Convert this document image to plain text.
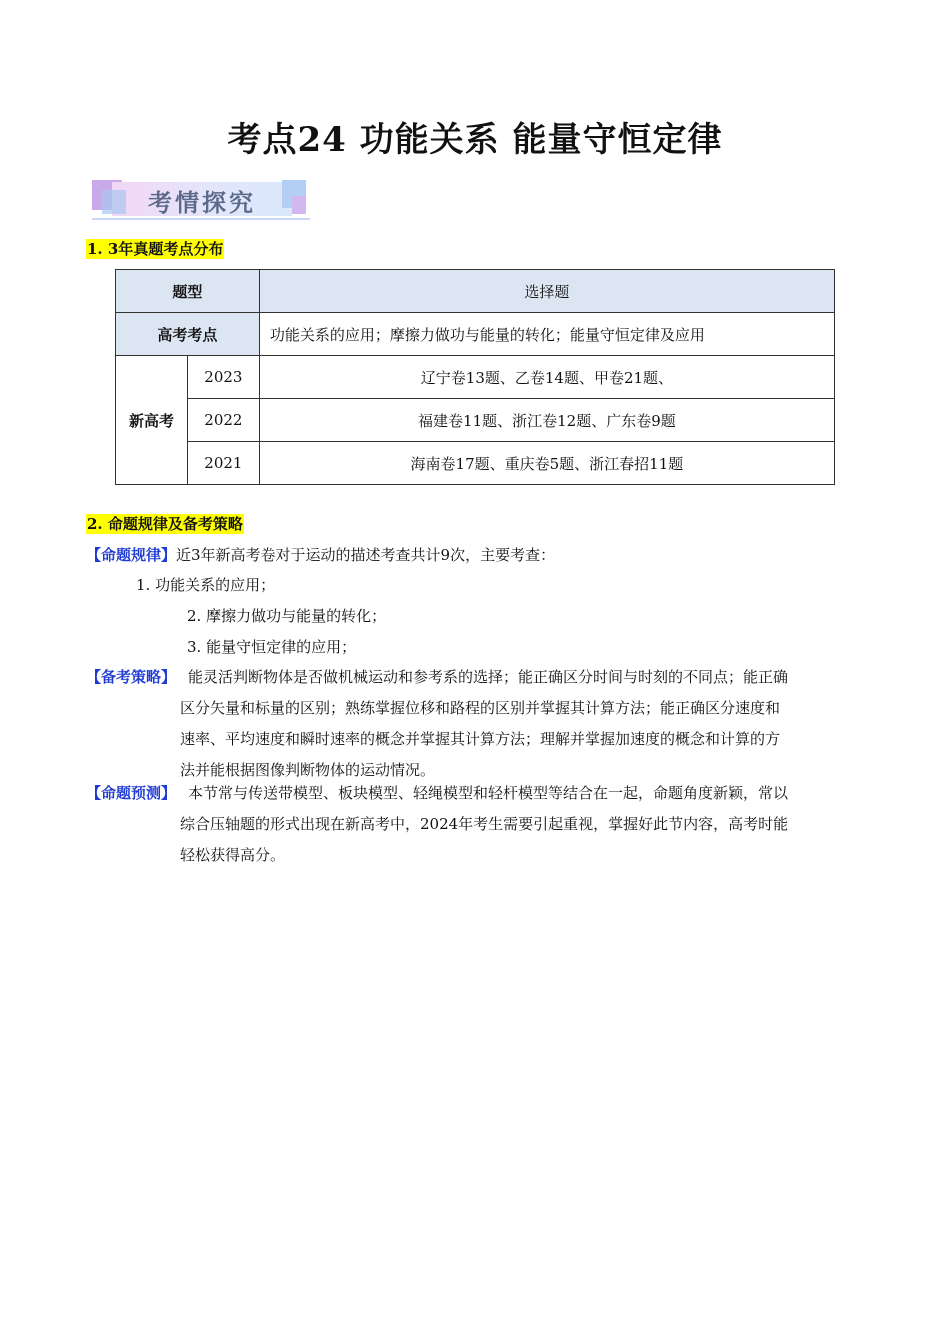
考点24 功能关系 能量守恒定律
考情探究
1. 3年真题考点分布
题型		选择题
高考考点		功能关系的应用；摩擦力做功与能量的转化；能量守恒定律及应用
新高考	2023	辽宁卷13题、乙卷14题、甲卷21题、
	2022	福建卷11题、浙江卷12题、广东卷9题
	2021	海南卷17题、重庆卷5题、浙江春招11题
2. 命题规律及备考策略
【命题规律】近3年新高考卷对于运动的描述考查共计9次，主要考查：
1. 功能关系的应用；
2. 摩擦力做功与能量的转化；
3. 能量守恒定律的应用；
【备考策略】 能灵活判断物体是否做机械运动和参考系的选择；能正确区分时间与时刻的不同点；能正确
区分矢量和标量的区别；熟练掌握位移和路程的区别并掌握其计算方法；能正确区分速度和
速率、平均速度和瞬时速率的概念并掌握其计算方法；理解并掌握加速度的概念和计算的方
法并能根据图像判断物体的运动情况。
【命题预测】 本节常与传送带模型、板块模型、轻绳模型和轻杆模型等结合在一起，命题角度新颖，常以
综合压轴题的形式出现在新高考中，2024年考生需要引起重视，掌握好此节内容，高考时能
轻松获得高分。
